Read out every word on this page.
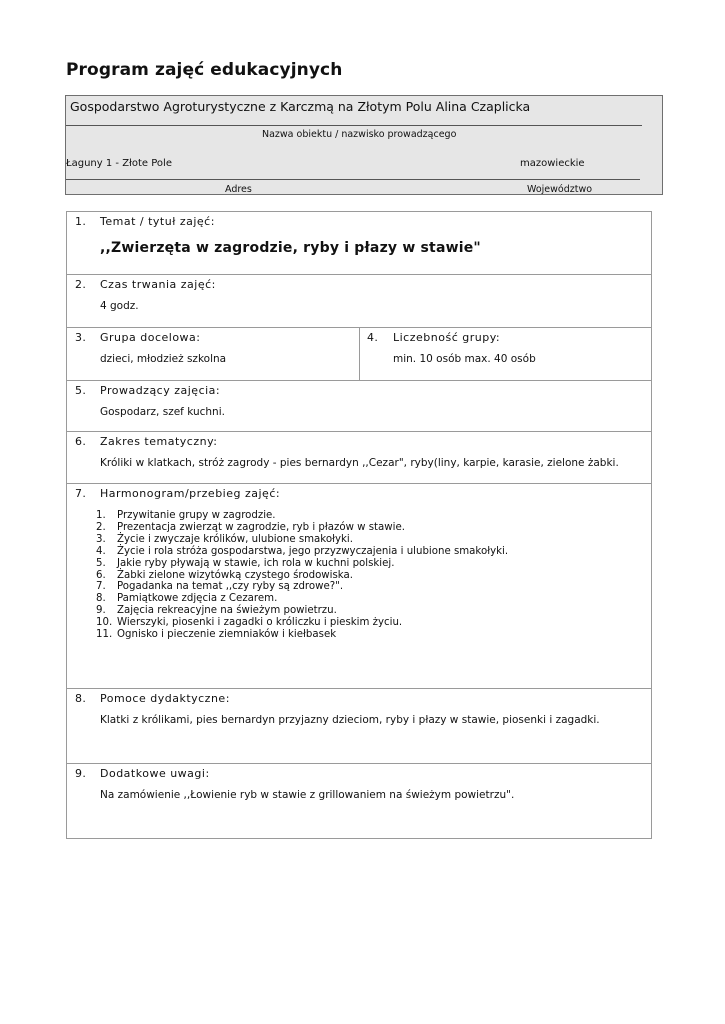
Program zajęć edukacyjnych
Gospodarstwo Agroturystyczne z Karczmą na Złotym Polu Alina Czaplicka
Nazwa obiektu / nazwisko prowadzącego
Łaguny 1 - Złote Pole	mazowieckie
Adres	Województwo
1. Temat / tytuł zajęć:
,,Zwierzęta w zagrodzie, ryby i płazy w stawie"
2. Czas trwania zajęć:
4 godz.
3. Grupa docelowa:
dzieci, młodzież szkolna
4. Liczebność grupy:
min. 10 osób max. 40 osób
5. Prowadzący zajęcia:
Gospodarz, szef kuchni.
6. Zakres tematyczny:
Króliki w klatkach, stróż zagrody - pies bernardyn ,,Cezar", ryby(liny, karpie, karasie, zielone żabki.
7. Harmonogram/przebieg zajęć:
1. Przywitanie grupy w zagrodzie.
2. Prezentacja zwierząt w zagrodzie, ryb i płazów w stawie.
3. Życie i zwyczaje królików, ulubione smakołyki.
4. Życie i rola stróża gospodarstwa, jego przyzwyczajenia i ulubione smakołyki.
5. Jakie ryby pływają w stawie, ich rola w kuchni polskiej.
6. Żabki zielone wizytówką czystego środowiska.
7. Pogadanka na temat ,,czy ryby są zdrowe?".
8. Pamiątkowe zdjęcia z Cezarem.
9. Zajęcia rekreacyjne na świeżym powietrzu.
10. Wierszyki, piosenki i zagadki o króliczku i pieskim życiu.
11. Ognisko i pieczenie ziemniaków i kiełbasek
8. Pomoce dydaktyczne:
Klatki z królikami, pies bernardyn przyjazny dzieciom, ryby i płazy w stawie, piosenki i zagadki.
9. Dodatkowe uwagi:
Na zamówienie ,,Łowienie ryb w stawie z grillowaniem na świeżym powietrzu".
